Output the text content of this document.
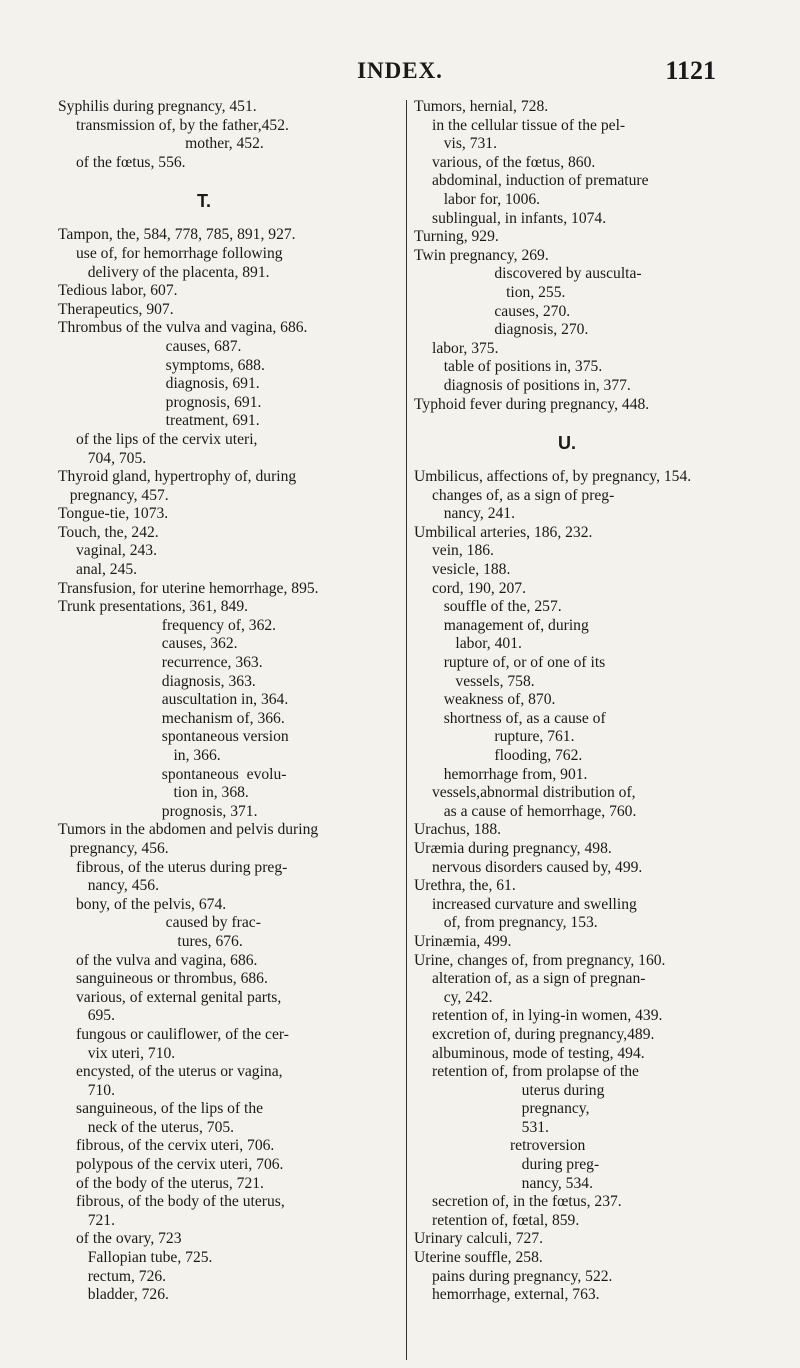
INDEX.	1121
Syphilis during pregnancy, 451.
transmission of, by the father,452.
mother, 452.
of the fœtus, 556.
T.
Tampon, the, 584, 778, 785, 891, 927.
use of, for hemorrhage following
delivery of the placenta, 891.
Tedious labor, 607.
Therapeutics, 907.
Thrombus of the vulva and vagina, 686.
causes, 687.
symptoms, 688.
diagnosis, 691.
prognosis, 691.
treatment, 691.
of the lips of the cervix uteri,
704, 705.
Thyroid gland, hypertrophy of, during
pregnancy, 457.
Tongue-tie, 1073.
Touch, the, 242.
vaginal, 243.
anal, 245.
Transfusion, for uterine hemorrhage, 895.
Trunk presentations, 361, 849.
frequency of, 362.
causes, 362.
recurrence, 363.
diagnosis, 363.
auscultation in, 364.
mechanism of, 366.
spontaneous version
in, 366.
spontaneous  evolu-
tion in, 368.
prognosis, 371.
Tumors in the abdomen and pelvis during
pregnancy, 456.
fibrous, of the uterus during preg-
nancy, 456.
bony, of the pelvis, 674.
caused by frac-
tures, 676.
of the vulva and vagina, 686.
sanguineous or thrombus, 686.
various, of external genital parts,
695.
fungous or cauliflower, of the cer-
vix uteri, 710.
encysted, of the uterus or vagina,
710.
sanguineous, of the lips of the
neck of the uterus, 705.
fibrous, of the cervix uteri, 706.
polypous of the cervix uteri, 706.
of the body of the uterus, 721.
fibrous, of the body of the uterus,
721.
of the ovary, 723
Fallopian tube, 725.
rectum, 726.
bladder, 726.
Tumors, hernial, 728.
in the cellular tissue of the pel-
vis, 731.
various, of the fœtus, 860.
abdominal, induction of premature
labor for, 1006.
sublingual, in infants, 1074.
Turning, 929.
Twin pregnancy, 269.
discovered by ausculta-
tion, 255.
causes, 270.
diagnosis, 270.
labor, 375.
table of positions in, 375.
diagnosis of positions in, 377.
Typhoid fever during pregnancy, 448.
U.
Umbilicus, affections of, by pregnancy, 154.
changes of, as a sign of preg-
nancy, 241.
Umbilical arteries, 186, 232.
vein, 186.
vesicle, 188.
cord, 190, 207.
souffle of the, 257.
management of, during
labor, 401.
rupture of, or of one of its
vessels, 758.
weakness of, 870.
shortness of, as a cause of
rupture, 761.
flooding, 762.
hemorrhage from, 901.
vessels,abnormal distribution of,
as a cause of hemorrhage, 760.
Urachus, 188.
Uræmia during pregnancy, 498.
nervous disorders caused by, 499.
Urethra, the, 61.
increased curvature and swelling
of, from pregnancy, 153.
Urinæmia, 499.
Urine, changes of, from pregnancy, 160.
alteration of, as a sign of pregnan-
cy, 242.
retention of, in lying-in women, 439.
excretion of, during pregnancy,489.
albuminous, mode of testing, 494.
retention of, from prolapse of the
uterus during
pregnancy,
531.
retroversion
during preg-
nancy, 534.
secretion of, in the fœtus, 237.
retention of, fœtal, 859.
Urinary calculi, 727.
Uterine souffle, 258.
pains during pregnancy, 522.
hemorrhage, external, 763.
